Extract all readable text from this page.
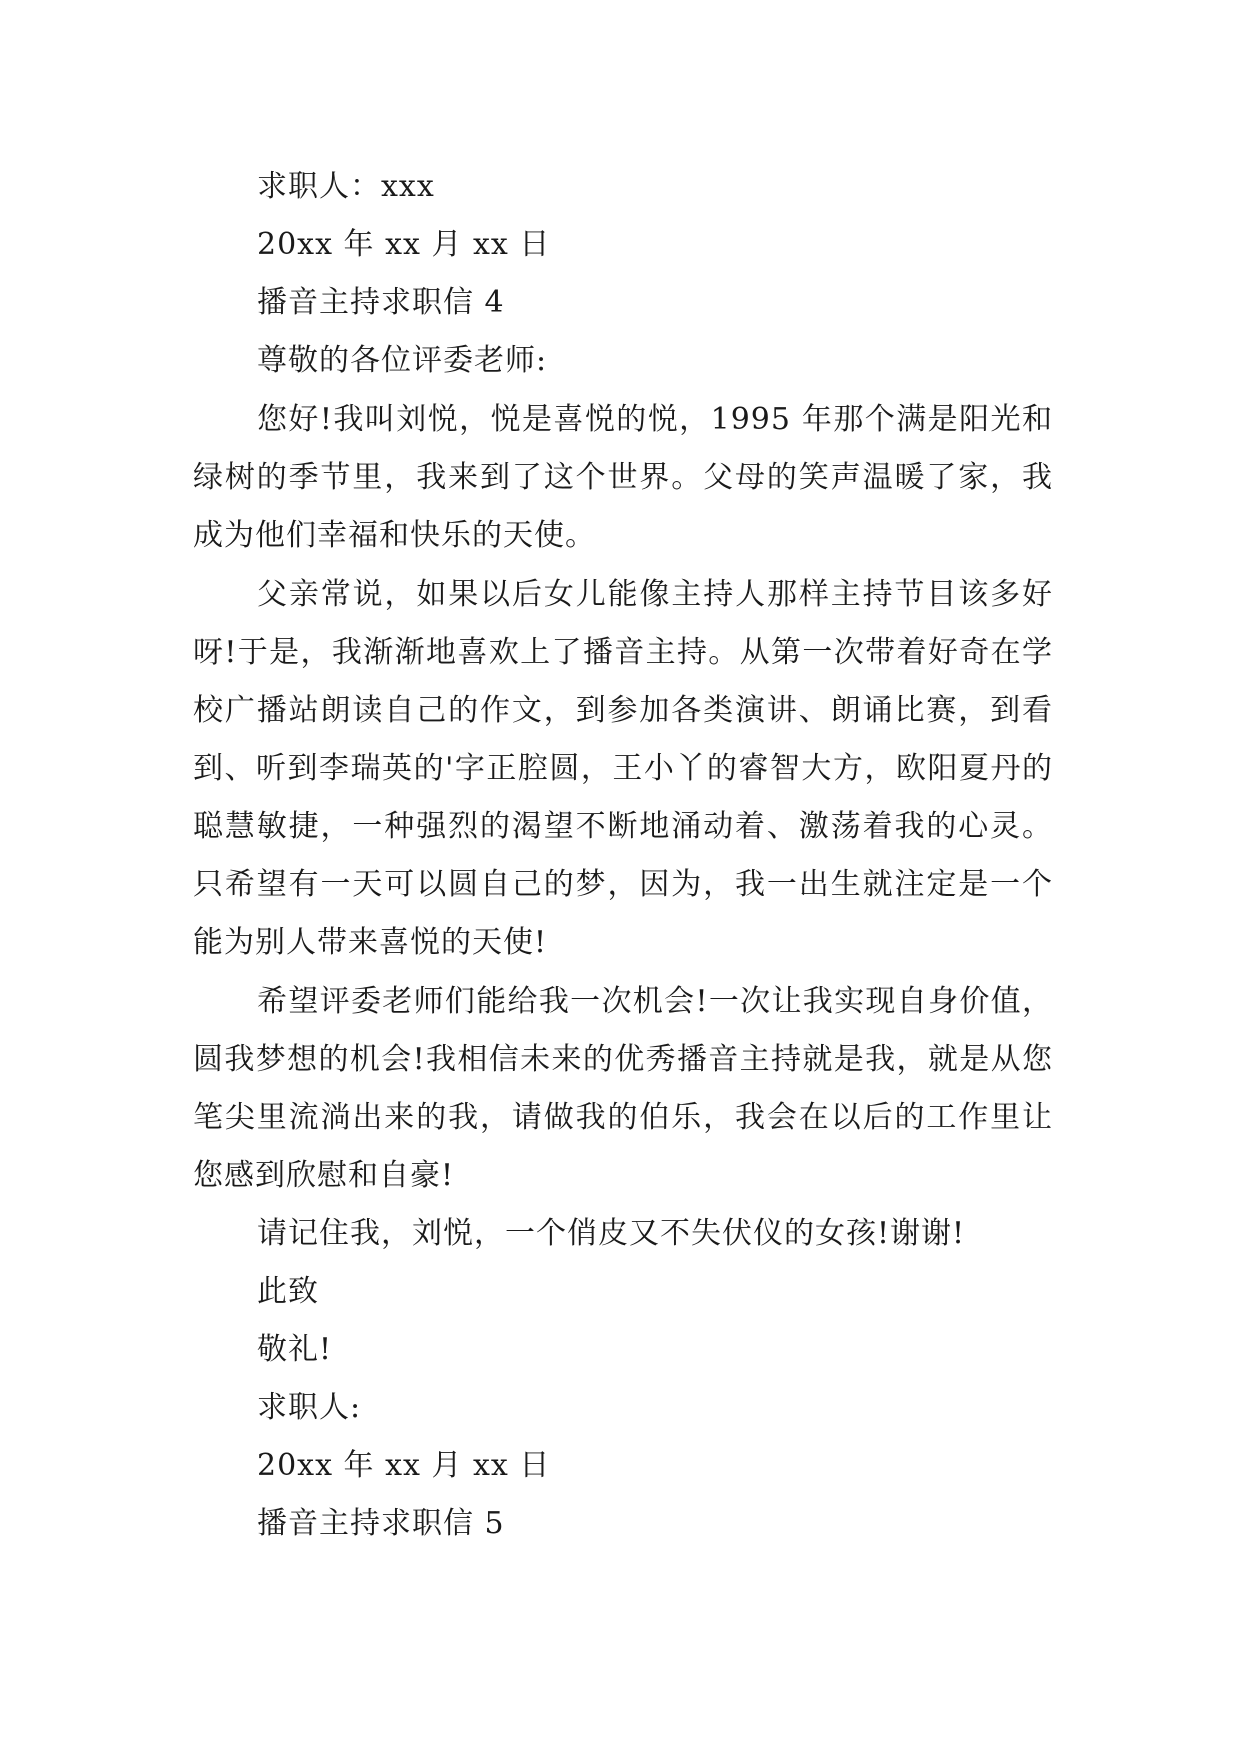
求职人：xxx
20xx 年 xx 月 xx 日
播音主持求职信 4
尊敬的各位评委老师:

您好!我叫刘悦，悦是喜悦的悦，1995 年那个满是阳光和绿树的季节里，我来到了这个世界。父母的笑声温暖了家，我成为他们幸福和快乐的天使。

父亲常说，如果以后女儿能像主持人那样主持节目该多好呀!于是，我渐渐地喜欢上了播音主持。从第一次带着好奇在学校广播站朗读自己的作文，到参加各类演讲、朗诵比赛，到看到、听到李瑞英的'字正腔圆，王小丫的睿智大方，欧阳夏丹的聪慧敏捷，一种强烈的渴望不断地涌动着、激荡着我的心灵。只希望有一天可以圆自己的梦，因为，我一出生就注定是一个能为别人带来喜悦的天使!

希望评委老师们能给我一次机会!一次让我实现自身价值，圆我梦想的机会!我相信未来的优秀播音主持就是我，就是从您笔尖里流淌出来的我，请做我的伯乐，我会在以后的工作里让您感到欣慰和自豪!

请记住我，刘悦，一个俏皮又不失伏仪的女孩!谢谢!
此致
敬礼!
求职人:
20xx 年 xx 月 xx 日
播音主持求职信 5
